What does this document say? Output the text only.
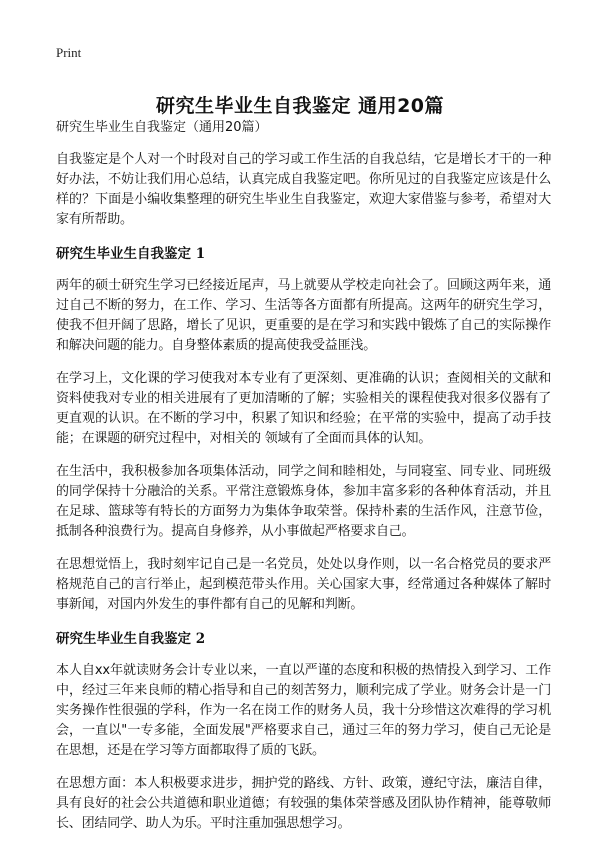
Print
研究生毕业生自我鉴定 通用20篇
研究生毕业生自我鉴定（通用20篇）

自我鉴定是个人对一个时段对自己的学习或工作生活的自我总结，它是增长才干的一种好办法，不妨让我们用心总结，认真完成自我鉴定吧。你所见过的自我鉴定应该是什么样的？下面是小编收集整理的研究生毕业生自我鉴定，欢迎大家借鉴与参考，希望对大家有所帮助。

研究生毕业生自我鉴定 1

两年的硕士研究生学习已经接近尾声，马上就要从学校走向社会了。回顾这两年来，通过自己不断的努力，在工作、学习、生活等各方面都有所提高。这两年的研究生学习，使我不但开阔了思路，增长了见识，更重要的是在学习和实践中锻炼了自己的实际操作和解决问题的能力。自身整体素质的提高使我受益匪浅。

在学习上，文化课的学习使我对本专业有了更深刻、更准确的认识；查阅相关的文献和资料使我对专业的相关进展有了更加清晰的了解；实验相关的课程使我对很多仪器有了更直观的认识。在不断的学习中，积累了知识和经验；在平常的实验中，提高了动手技能；在课题的研究过程中，对相关的 领域有了全面而具体的认知。

在生活中，我积极参加各项集体活动，同学之间和睦相处，与同寝室、同专业、同班级的同学保持十分融洽的关系。平常注意锻炼身体，参加丰富多彩的各种体育活动，并且在足球、篮球等有特长的方面努力为集体争取荣誉。保持朴素的生活作风，注意节俭，抵制各种浪费行为。提高自身修养，从小事做起严格要求自己。

在思想觉悟上，我时刻牢记自己是一名党员，处处以身作则，以一名合格党员的要求严格规范自己的言行举止，起到模范带头作用。关心国家大事，经常通过各种媒体了解时事新闻，对国内外发生的事件都有自己的见解和判断。

研究生毕业生自我鉴定 2

本人自xx年就读财务会计专业以来，一直以严谨的态度和积极的热情投入到学习、工作中，经过三年来良师的精心指导和自己的刻苦努力，顺利完成了学业。财务会计是一门实务操作性很强的学科，作为一名在岗工作的财务人员，我十分珍惜这次难得的学习机会，一直以"一专多能，全面发展"严格要求自己，通过三年的努力学习，使自己无论是在思想，还是在学习等方面都取得了质的飞跃。

在思想方面：本人积极要求进步，拥护党的路线、方针、政策，遵纪守法，廉洁自律，具有良好的社会公共道德和职业道德；有较强的集体荣誉感及团队协作精神，能尊敬师长、团结同学、助人为乐。平时注重加强思想学习。
